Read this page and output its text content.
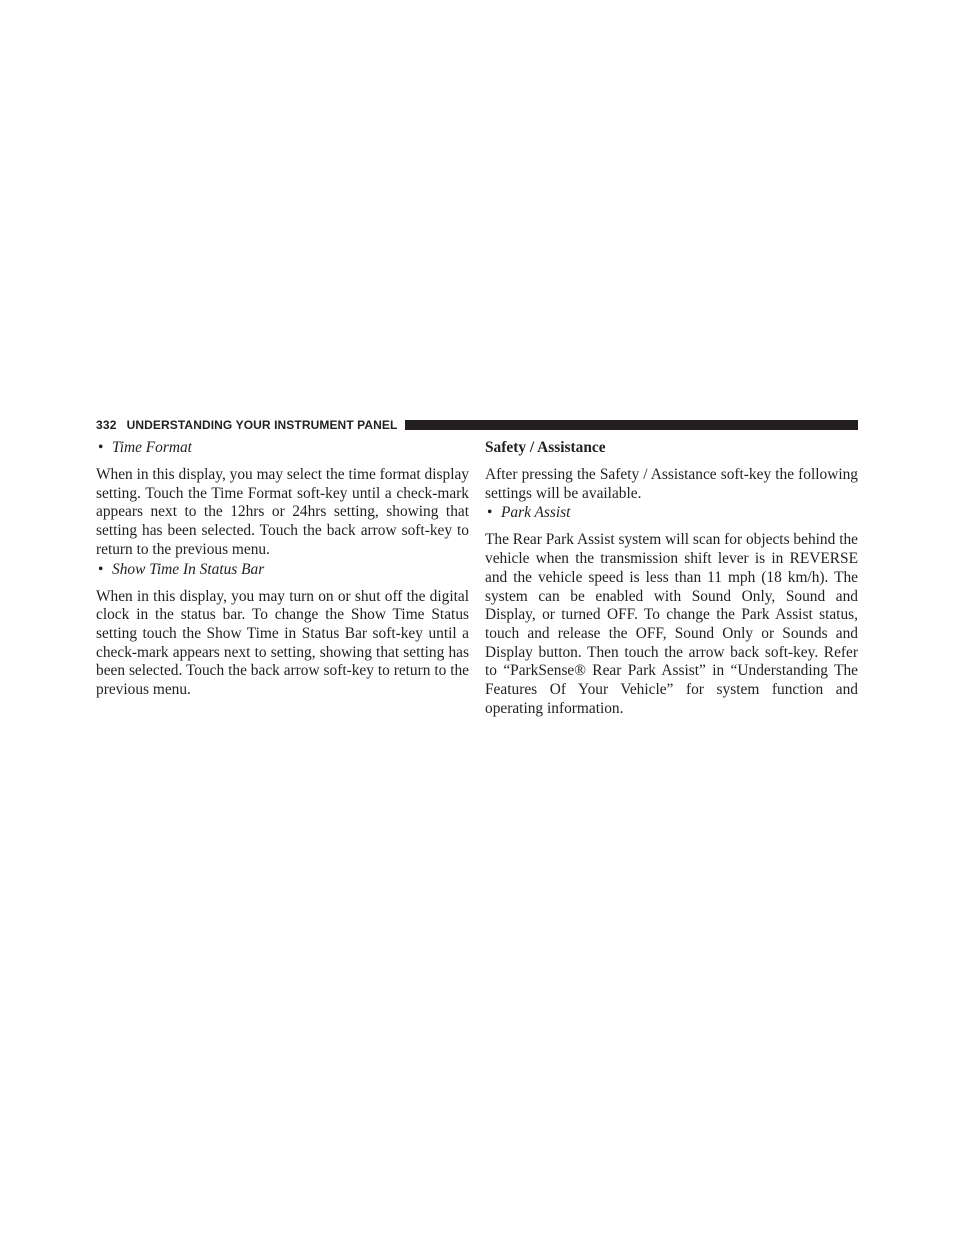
332 UNDERSTANDING YOUR INSTRUMENT PANEL
• Time Format

When in this display, you may select the time format display setting. Touch the Time Format soft-key until a check-mark appears next to the 12hrs or 24hrs setting, showing that setting has been selected. Touch the back arrow soft-key to return to the previous menu.

• Show Time In Status Bar

When in this display, you may turn on or shut off the digital clock in the status bar. To change the Show Time Status setting touch the Show Time in Status Bar soft-key until a check-mark appears next to setting, showing that setting has been selected. Touch the back arrow soft-key to return to the previous menu.

Safety / Assistance

After pressing the Safety / Assistance soft-key the following settings will be available.

• Park Assist

The Rear Park Assist system will scan for objects behind the vehicle when the transmission shift lever is in REVERSE and the vehicle speed is less than 11 mph (18 km/h). The system can be enabled with Sound Only, Sound and Display, or turned OFF. To change the Park Assist status, touch and release the OFF, Sound Only or Sounds and Display button. Then touch the arrow back soft-key. Refer to “ParkSense® Rear Park Assist” in “Understanding The Features Of Your Vehicle” for system function and operating information.
